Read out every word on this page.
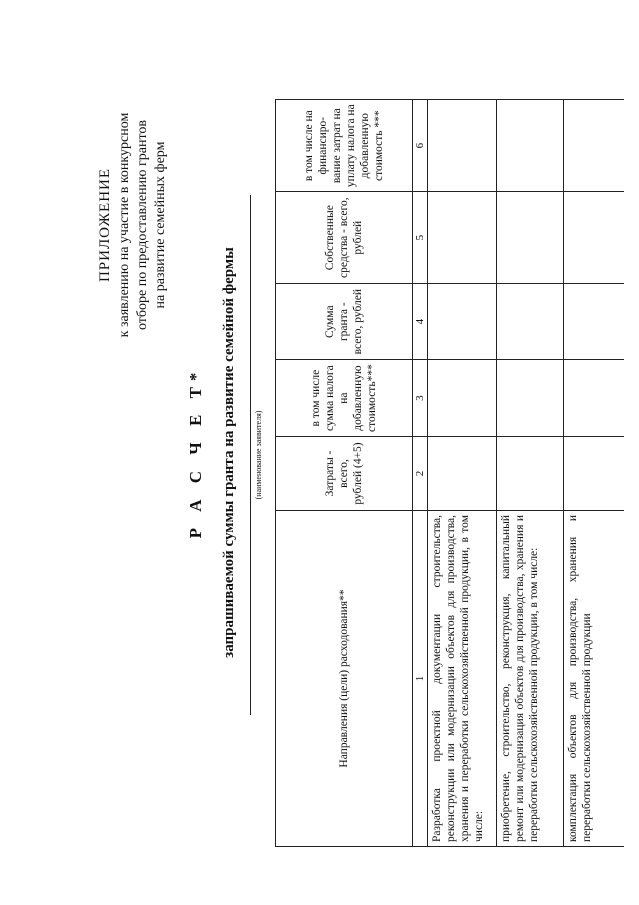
ПРИЛОЖЕНИЕ к заявлению на участие в конкурсном отборе по предоставлению грантов на развитие семейных ферм
Р А С Ч Е Т* запрашиваемой суммы гранта на развитие семейной фермы (наименование заявителя)
Направления (цели) расходования**	Затраты - всего, рублей (4+5)	в том числе сумма налога на добавленную стоимость***	Сумма гранта - всего, рублей	Собственные средства - всего, рублей	в том числе на финансиро- вание затрат на уплату налога на добавленную стоимость ***
1	2	3	4	5	6
Разработка проектной документации строительства, реконструкции или модернизации объектов для производства, хранения и переработки сельскохозяйственной продукции, в том числе:					
приобретение, строительство, реконструкция, капитальный ремонт или модернизация объектов для производства, хранения и переработки сельскохозяйственной продукции, в том числе:					
комплектация объектов для производства, хранения и переработки сельскохозяйственной продукции					
